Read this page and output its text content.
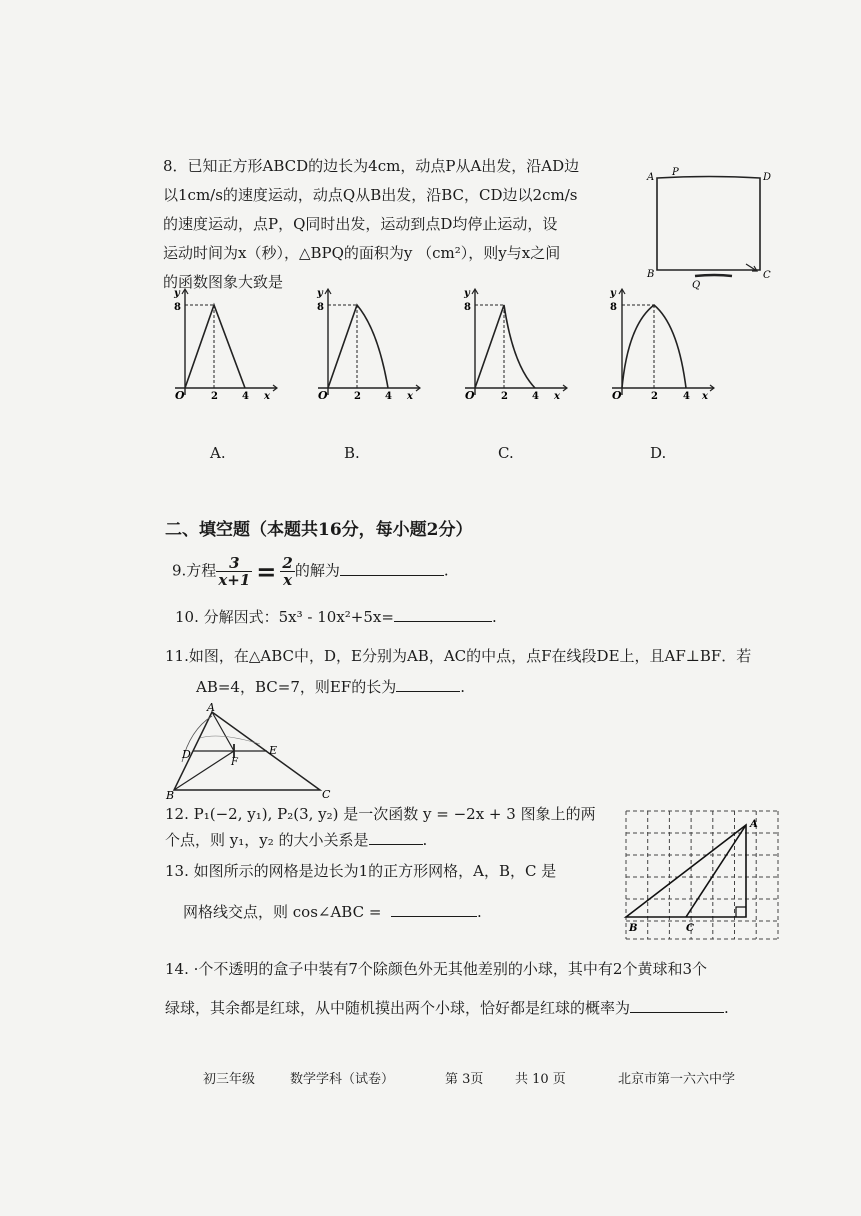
8．已知正方形ABCD的边长为4cm，动点P从A出发，沿AD边
以1cm/s的速度运动，动点Q从B出发，沿BC，CD边以2cm/s
的速度运动，点P，Q同时出发，运动到点D均停止运动，设
运动时间为x（秒），△BPQ的面积为y （cm²），则y与x之间
的函数图象大致是
A P	D
B
Q
C
y
8
O	2 4 x
y
8
O	2 4 x
y
8
O	2 4 x
y
8
O	2	4 x
A.	B.	C.	D.
二、填空题（本题共16分，每小题2分）
9.方程 $\frac{3}{x+1} = \frac{2}{x}$ 的解为	.
10. 分解因式：5x³ - 10x²+5x=	.
11.如图，在△ABC中，D，E分别为AB，AC的中点，点F在线段DE上，且AF⊥BF．若
AB=4，BC=7，则EF的长为	.
A
D	E
F
B	C
12. P₁(−2, y₁), P₂(3, y₂) 是一次函数 y = −2x + 3 图象上的两
个点，则 y₁，y₂ 的大小关系是	.
13. 如图所示的网格是边长为1的正方形网格，A，B，C 是
网格线交点，则 cos∠ABC =	.
A
B	C
14. ·个不透明的盒子中装有7个除颜色外无其他差别的小球，其中有2个黄球和3个
绿球，其余都是红球，从中随机摸出两个小球，恰好都是红球的概率为	.
初三年级	数学学科（试卷）	第 3页 共 10 页	北京市第一六六中学
